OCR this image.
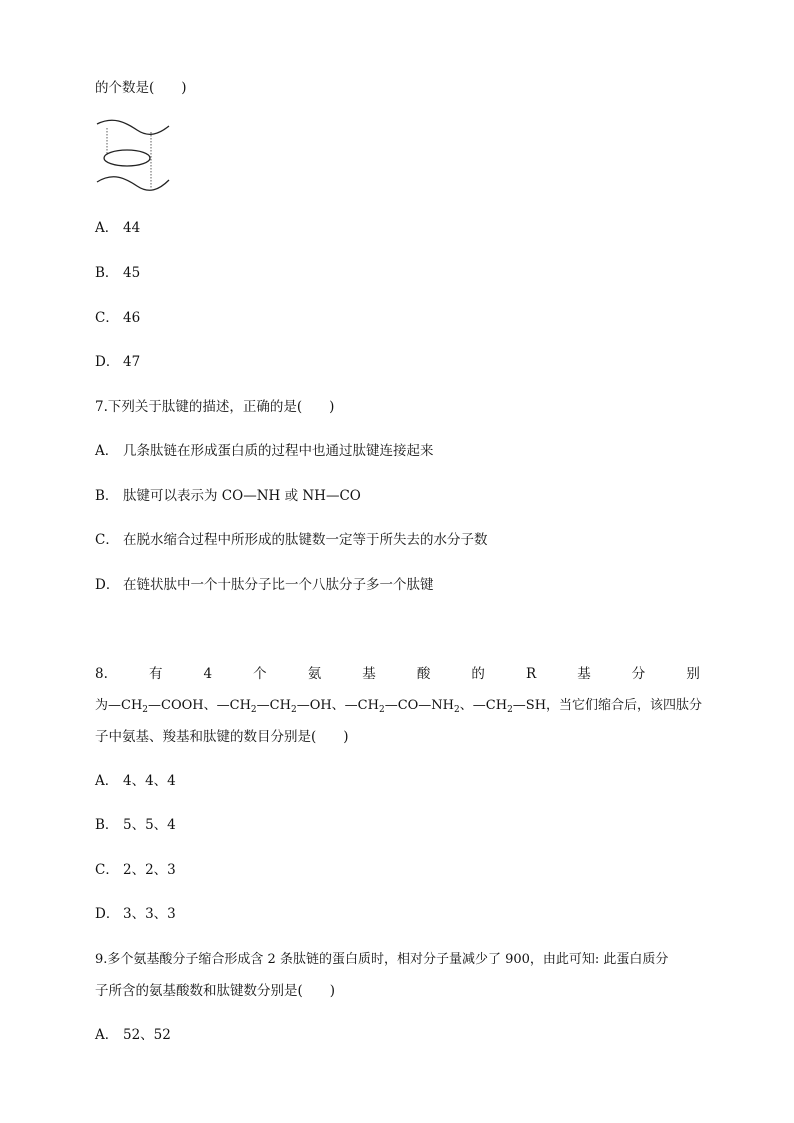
的个数是(　　)
A． 44
B． 45
C． 46
D． 47
7.下列关于肽键的描述，正确的是(　　)
A． 几条肽链在形成蛋白质的过程中也通过肽键连接起来
B． 肽键可以表示为 CO—NH 或 NH—CO
C． 在脱水缩合过程中所形成的肽键数一定等于所失去的水分子数
D． 在链状肽中一个十肽分子比一个八肽分子多一个肽键
8.	有	4	个	氨	基	酸	的	R	基	分	别
为$—CH_2—COOH$、$—CH_2—CH_2—OH$、$—CH_2—CO—NH_2$、$—CH_2—SH$，当它们缩合后，该四肽分
子中氨基、羧基和肽键的数目分别是(　　)
A． 4、4、4
B． 5、5、4
C． 2、2、3
D． 3、3、3
9.多个氨基酸分子缩合形成含 2 条肽链的蛋白质时，相对分子量减少了 900，由此可知: 此蛋白质分
子所含的氨基酸数和肽键数分别是(　　)
A． 52、52
